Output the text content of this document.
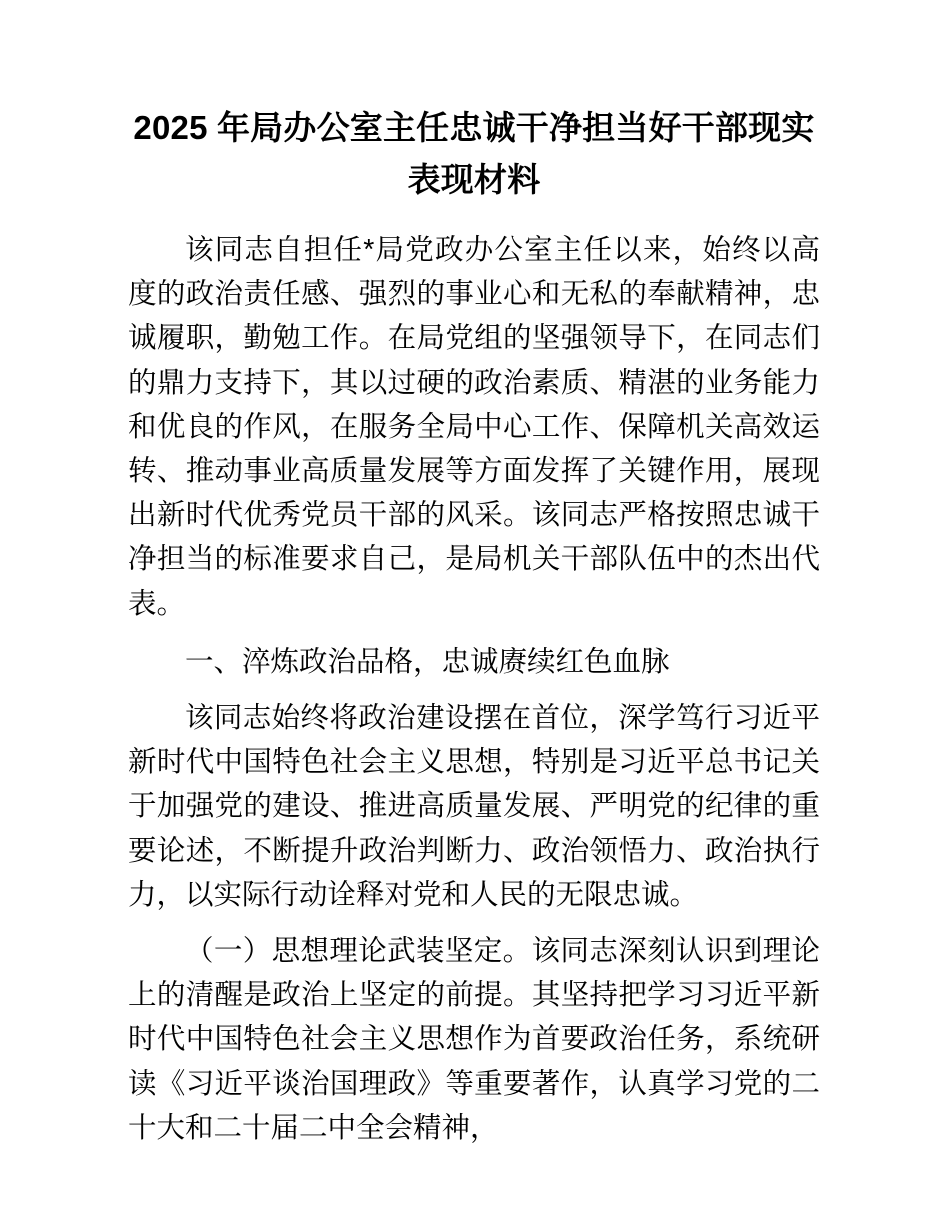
2025 年局办公室主任忠诚干净担当好干部现实表现材料

该同志自担任*局党政办公室主任以来，始终以高度的政治责任感、强烈的事业心和无私的奉献精神，忠诚履职，勤勉工作。在局党组的坚强领导下，在同志们的鼎力支持下，其以过硬的政治素质、精湛的业务能力和优良的作风，在服务全局中心工作、保障机关高效运转、推动事业高质量发展等方面发挥了关键作用，展现出新时代优秀党员干部的风采。该同志严格按照忠诚干净担当的标准要求自己，是局机关干部队伍中的杰出代表。

一、淬炼政治品格，忠诚赓续红色血脉

该同志始终将政治建设摆在首位，深学笃行习近平新时代中国特色社会主义思想，特别是习近平总书记关于加强党的建设、推进高质量发展、严明党的纪律的重要论述，不断提升政治判断力、政治领悟力、政治执行力，以实际行动诠释对党和人民的无限忠诚。

（一）思想理论武装坚定。该同志深刻认识到理论上的清醒是政治上坚定的前提。其坚持把学习习近平新时代中国特色社会主义思想作为首要政治任务，系统研读《习近平谈治国理政》等重要著作，认真学习党的二十大和二十届二中全会精神，
